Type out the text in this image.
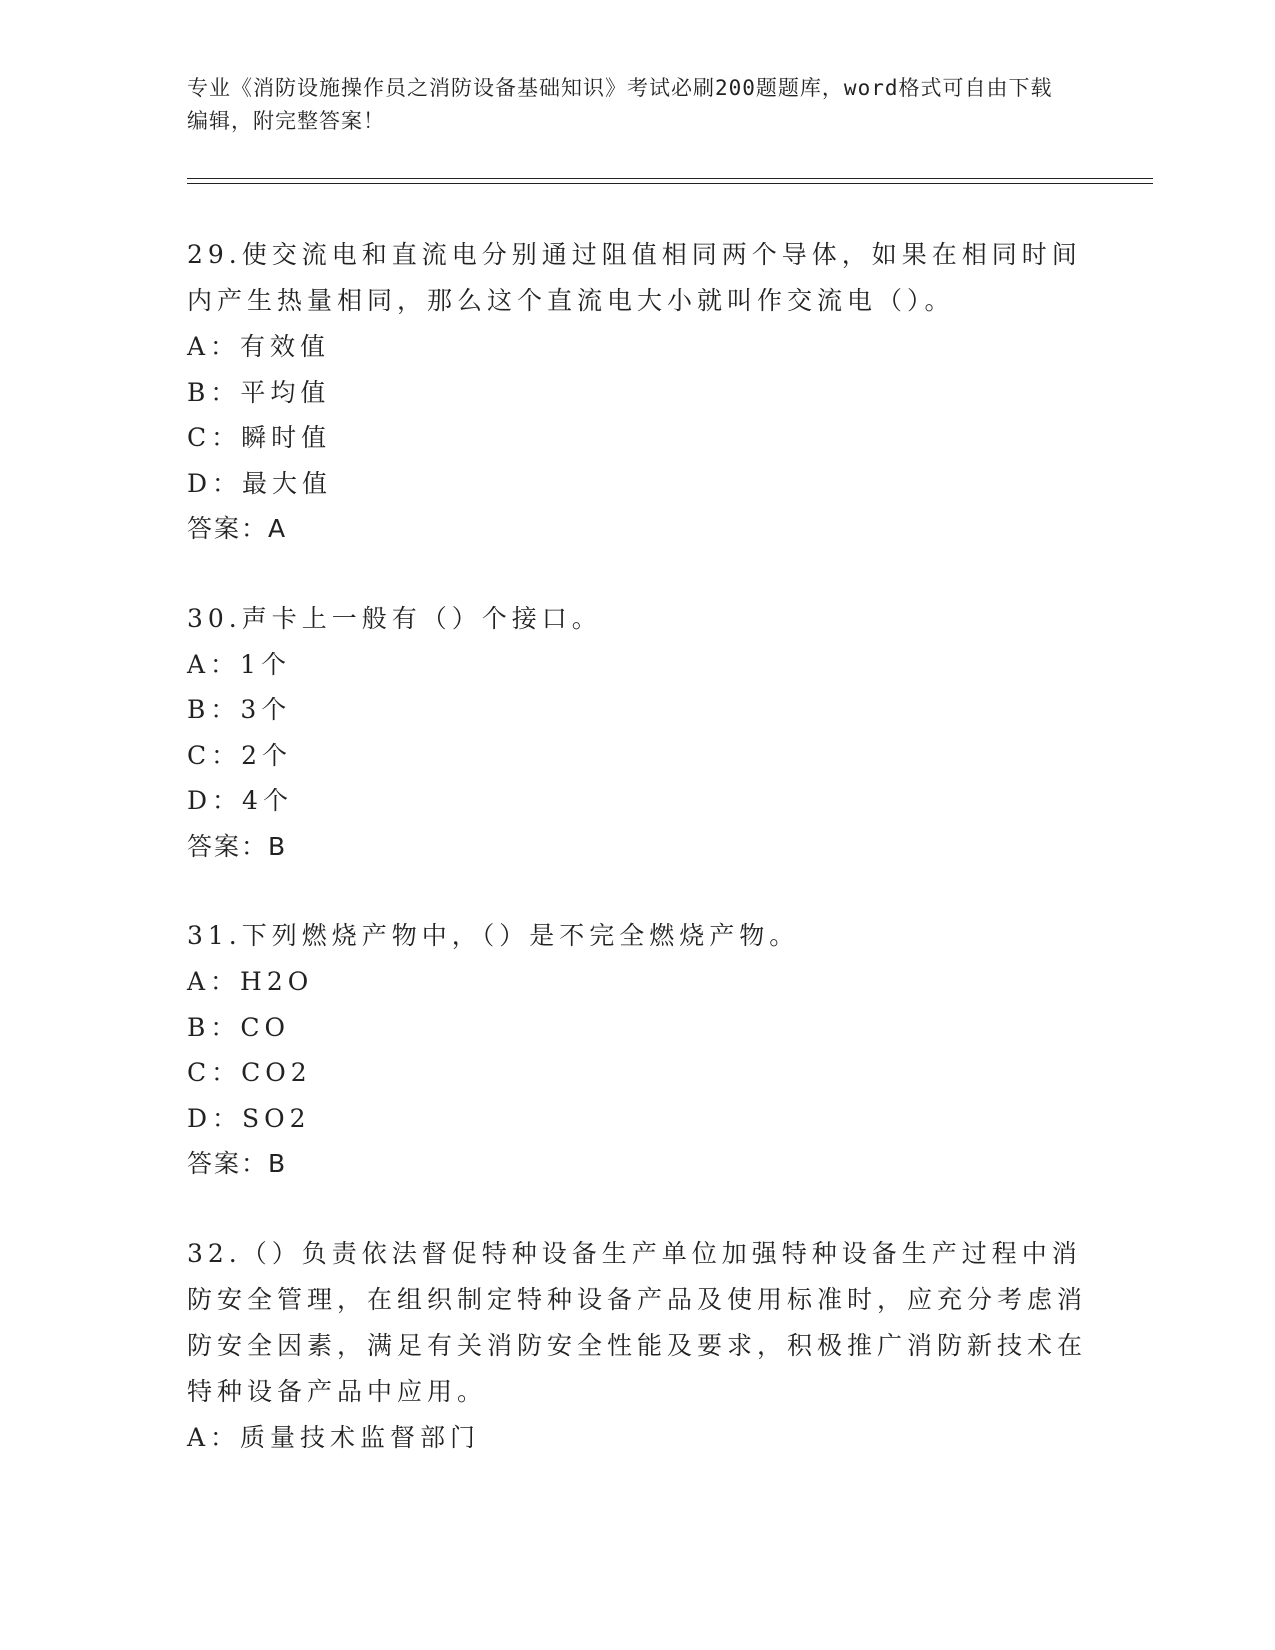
专业《消防设施操作员之消防设备基础知识》考试必刷200题题库，word格式可自由下载编辑，附完整答案！
29.使交流电和直流电分别通过阻值相同两个导体，如果在相同时间内产生热量相同，那么这个直流电大小就叫作交流电（）。
A：有效值
B：平均值
C：瞬时值
D：最大值
答案：A
30.声卡上一般有（）个接口。
A：1个
B：3个
C：2个
D：4个
答案：B
31.下列燃烧产物中，（）是不完全燃烧产物。
A：H2O
B：CO
C：CO2
D：SO2
答案：B
32.（）负责依法督促特种设备生产单位加强特种设备生产过程中消防安全管理，在组织制定特种设备产品及使用标准时，应充分考虑消防安全因素，满足有关消防安全性能及要求，积极推广消防新技术在特种设备产品中应用。
A：质量技术监督部门
